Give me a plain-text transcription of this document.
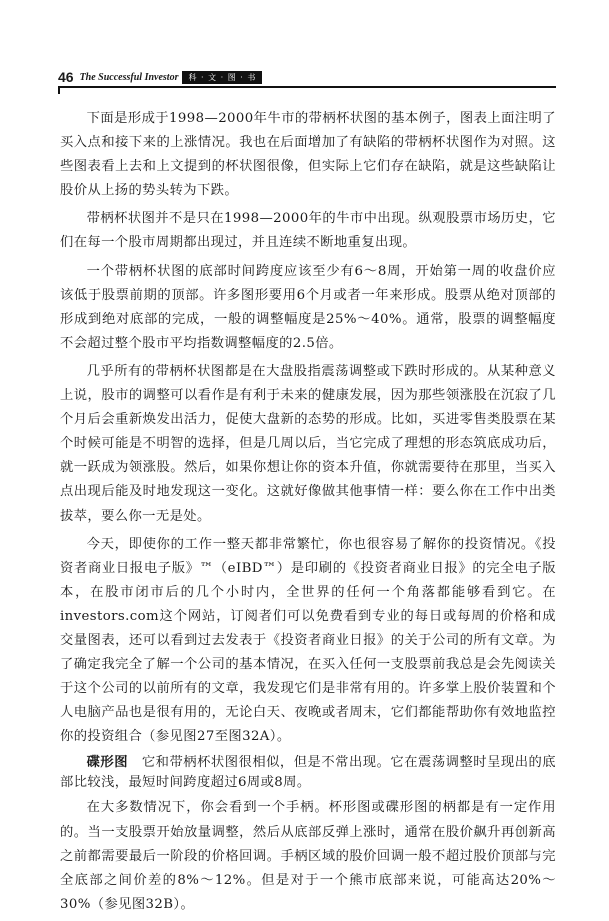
46 The Successful Investor	科 · 文 · 图 · 书

下面是形成于1998—2000年牛市的带柄杯状图的基本例子，图表上面注明了买入点和接下来的上涨情况。我也在后面增加了有缺陷的带柄杯状图作为对照。这些图表看上去和上文提到的杯状图很像，但实际上它们存在缺陷，就是这些缺陷让股价从上扬的势头转为下跌。

带柄杯状图并不是只在1998—2000年的牛市中出现。纵观股票市场历史，它们在每一个股市周期都出现过，并且连续不断地重复出现。

一个带柄杯状图的底部时间跨度应该至少有6～8周，开始第一周的收盘价应该低于股票前期的顶部。许多图形要用6个月或者一年来形成。股票从绝对顶部的形成到绝对底部的完成，一般的调整幅度是25%～40%。通常，股票的调整幅度不会超过整个股市平均指数调整幅度的2.5倍。

几乎所有的带柄杯状图都是在大盘股指震荡调整或下跌时形成的。从某种意义上说，股市的调整可以看作是有利于未来的健康发展，因为那些领涨股在沉寂了几个月后会重新焕发出活力，促使大盘新的态势的形成。比如，买进零售类股票在某个时候可能是不明智的选择，但是几周以后，当它完成了理想的形态筑底成功后，就一跃成为领涨股。然后，如果你想让你的资本升值，你就需要待在那里，当买入点出现后能及时地发现这一变化。这就好像做其他事情一样：要么你在工作中出类拔萃，要么你一无是处。

今天，即使你的工作一整天都非常繁忙，你也很容易了解你的投资情况。《投资者商业日报电子版》™（eIBD™）是印刷的《投资者商业日报》的完全电子版本，在股市闭市后的几个小时内，全世界的任何一个角落都能够看到它。在investors.com这个网站，订阅者们可以免费看到专业的每日或每周的价格和成交量图表，还可以看到过去发表于《投资者商业日报》的关于公司的所有文章。为了确定我完全了解一个公司的基本情况，在买入任何一支股票前我总是会先阅读关于这个公司的以前所有的文章，我发现它们是非常有用的。许多掌上股价装置和个人电脑产品也是很有用的，无论白天、夜晚或者周末，它们都能帮助你有效地监控你的投资组合（参见图27至图32A）。

碟形图　 它和带柄杯状图很相似，但是不常出现。它在震荡调整时呈现出的底部比较浅，最短时间跨度超过6周或8周。

在大多数情况下，你会看到一个手柄。杯形图或碟形图的柄都是有一定作用的。当一支股票开始放量调整，然后从底部反弹上涨时，通常在股价飙升再创新高之前都需要最后一阶段的价格回调。手柄区域的股价回调一般不超过股价顶部与完全底部之间价差的8%～12%。但是对于一个熊市底部来说，可能高达20%～30%（参见图32B）。
